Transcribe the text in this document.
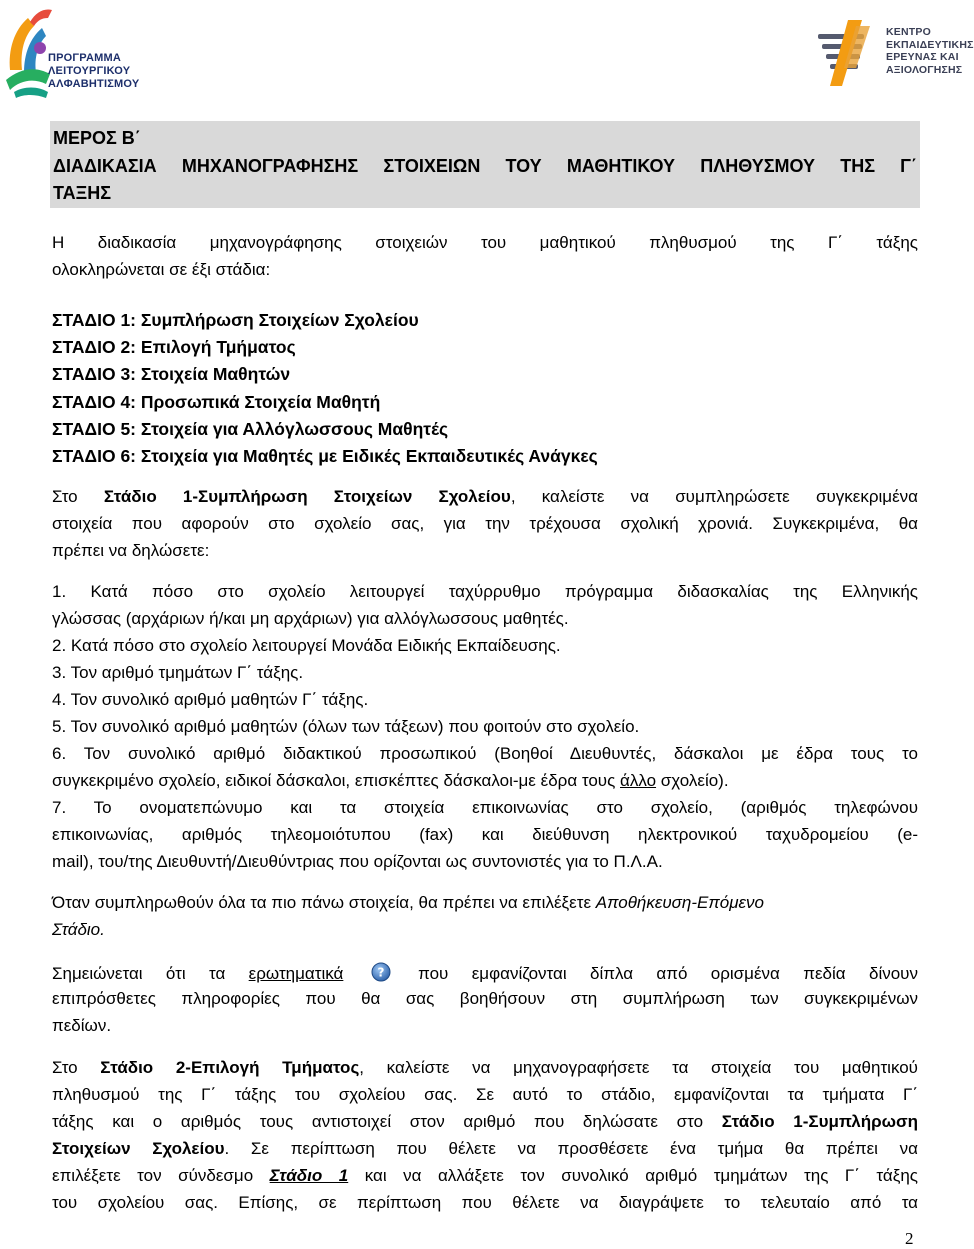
ΠΡΟΓΡΑΜΜΑ
ΛΕΙΤΟΥΡΓΙΚΟΥ
ΑΛΦΑΒΗΤΙΣΜΟΥ
ΚΕΝΤΡΟ
ΕΚΠΑΙΔΕΥΤΙΚΗΣ
ΕΡΕΥΝΑΣ ΚΑΙ
ΑΞΙΟΛΟΓΗΣΗΣ
ΜΕΡΟΣ Β΄
ΔΙΑΔΙΚΑΣΙΑ ΜΗΧΑΝΟΓΡΑΦΗΣΗΣ ΣΤΟΙΧΕΙΩΝ ΤΟΥ ΜΑΘΗΤΙΚΟΥ ΠΛΗΘΥΣΜΟΥ ΤΗΣ Γ΄
ΤΑΞΗΣ
Η διαδικασία μηχανογράφησης στοιχειών του μαθητικού πληθυσμού της Γ΄ τάξης
ολοκληρώνεται σε έξι στάδια:
ΣΤΑΔΙΟ 1: Συμπλήρωση Στοιχείων Σχολείου
ΣΤΑΔΙΟ 2: Επιλογή Τμήματος
ΣΤΑΔΙΟ 3: Στοιχεία Μαθητών
ΣΤΑΔΙΟ 4: Προσωπικά Στοιχεία Μαθητή
ΣΤΑΔΙΟ 5: Στοιχεία για Αλλόγλωσσους Μαθητές
ΣΤΑΔΙΟ 6: Στοιχεία για Μαθητές με Ειδικές Εκπαιδευτικές Ανάγκες
Στο Στάδιο 1-Συμπλήρωση Στοιχείων Σχολείου, καλείστε να συμπληρώσετε συγκεκριμένα
στοιχεία που αφορούν στο σχολείο σας, για την τρέχουσα σχολική χρονιά. Συγκεκριμένα, θα
πρέπει να δηλώσετε:
1. Κατά πόσο στο σχολείο λειτουργεί ταχύρρυθμο πρόγραμμα διδασκαλίας της Ελληνικής
γλώσσας (αρχάριων ή/και μη αρχάριων) για αλλόγλωσσους μαθητές.
2. Κατά πόσο στο σχολείο λειτουργεί Μονάδα Ειδικής Εκπαίδευσης.
3. Τον αριθμό τμημάτων Γ΄ τάξης.
4. Τον συνολικό αριθμό μαθητών Γ΄ τάξης.
5. Τον συνολικό αριθμό μαθητών (όλων των τάξεων) που φοιτούν στο σχολείο.
6. Τον συνολικό αριθμό διδακτικού προσωπικού (Βοηθοί Διευθυντές, δάσκαλοι με έδρα τους το
συγκεκριμένο σχολείο, ειδικοί δάσκαλοι, επισκέπτες δάσκαλοι-με έδρα τους άλλο σχολείο).
7. Το ονοματεπώνυμο και τα στοιχεία επικοινωνίας στο σχολείο, (αριθμός τηλεφώνου
επικοινωνίας, αριθμός τηλεομοιότυπου (fax) και διεύθυνση ηλεκτρονικού ταχυδρομείου (e-
mail), του/της Διευθυντή/Διευθύντριας που ορίζονται ως συντονιστές για το Π.Λ.Α.
Όταν συμπληρωθούν όλα τα πιο πάνω στοιχεία, θα πρέπει να επιλέξετε Αποθήκευση-Επόμενο
Στάδιο.
Σημειώνεται ότι τα ερωτηματικά	? που εμφανίζονται δίπλα από ορισμένα πεδία δίνουν
επιπρόσθετες πληροφορίες που θα σας βοηθήσουν στη συμπλήρωση των συγκεκριμένων
πεδίων.
Στο Στάδιο 2-Επιλογή Τμήματος, καλείστε να μηχανογραφήσετε τα στοιχεία του μαθητικού
πληθυσμού της Γ΄ τάξης του σχολείου σας. Σε αυτό το στάδιο, εμφανίζονται τα τμήματα Γ΄
τάξης και ο αριθμός τους αντιστοιχεί στον αριθμό που δηλώσατε στο Στάδιο 1-Συμπλήρωση
Στοιχείων Σχολείου. Σε περίπτωση που θέλετε να προσθέσετε ένα τμήμα θα πρέπει να
επιλέξετε τον σύνδεσμο Στάδιο 1 και να αλλάξετε τον συνολικό αριθμό τμημάτων της Γ΄ τάξης
του σχολείου σας. Επίσης, σε περίπτωση που θέλετε να διαγράψετε το τελευταίο από τα
2
